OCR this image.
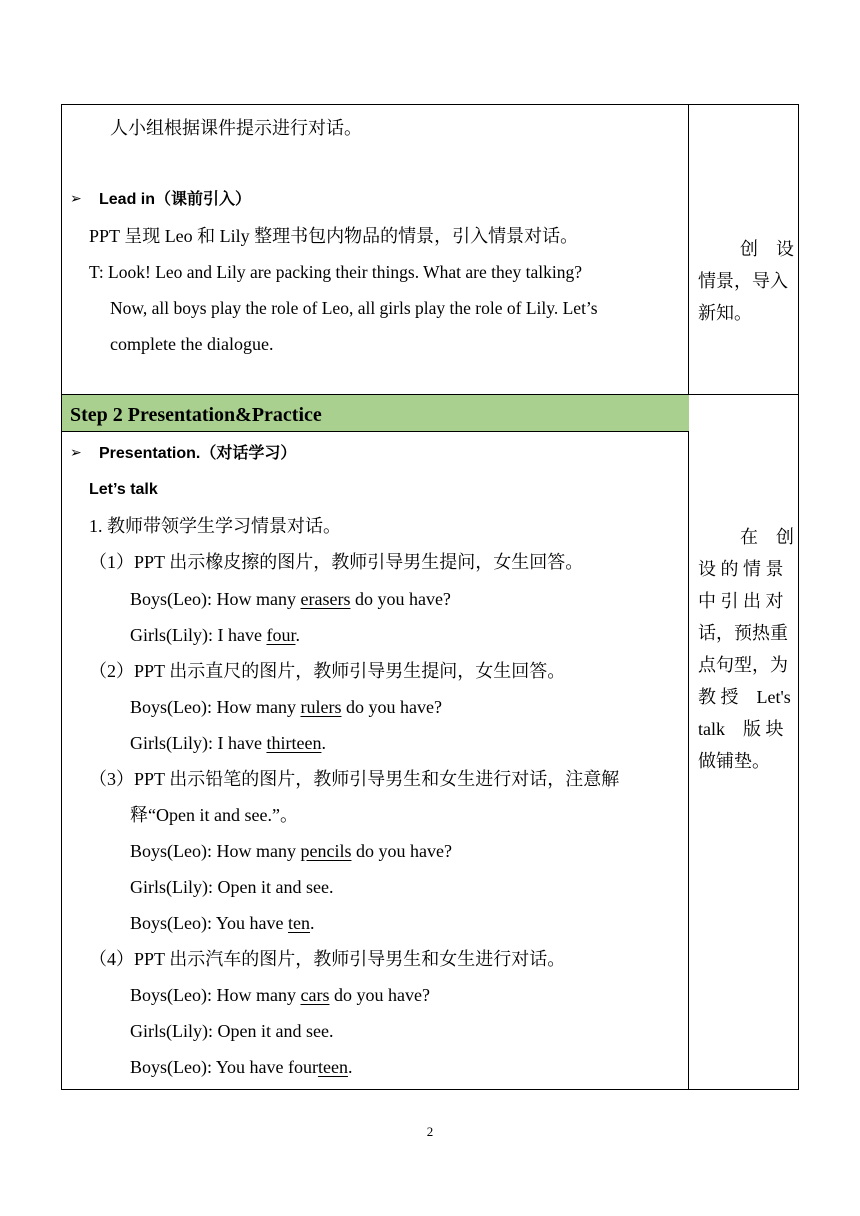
人小组根据课件提示进行对话。
➢ Lead in（课前引入）
PPT 呈现 Leo 和 Lily 整理书包内物品的情景，引入情景对话。
T: Look! Leo and Lily are packing their things. What are they talking?
Now, all boys play the role of Leo, all girls play the role of Lily. Let’s
complete the dialogue.
创　设
情景，导入
新知。
Step 2 Presentation&Practice
➢ Presentation.（对话学习）
Let’s talk
1. 教师带领学生学习情景对话。
（1）PPT 出示橡皮擦的图片，教师引导男生提问，女生回答。
Boys(Leo): How many erasers do you have?
Girls(Lily): I have four.
（2）PPT 出示直尺的图片，教师引导男生提问，女生回答。
Boys(Leo): How many rulers do you have?
Girls(Lily): I have thirteen.
（3）PPT 出示铅笔的图片，教师引导男生和女生进行对话，注意解
释“Open it and see.”。
Boys(Leo): How many pencils do you have?
Girls(Lily): Open it and see.
Boys(Leo): You have ten.
（4）PPT 出示汽车的图片，教师引导男生和女生进行对话。
Boys(Leo): How many cars do you have?
Girls(Lily): Open it and see.
Boys(Leo): You have fourteen.
在　创
设 的 情 景
中 引 出 对
话，预热重
点句型，为
教 授　Let's
talk　版 块
做铺垫。
2
